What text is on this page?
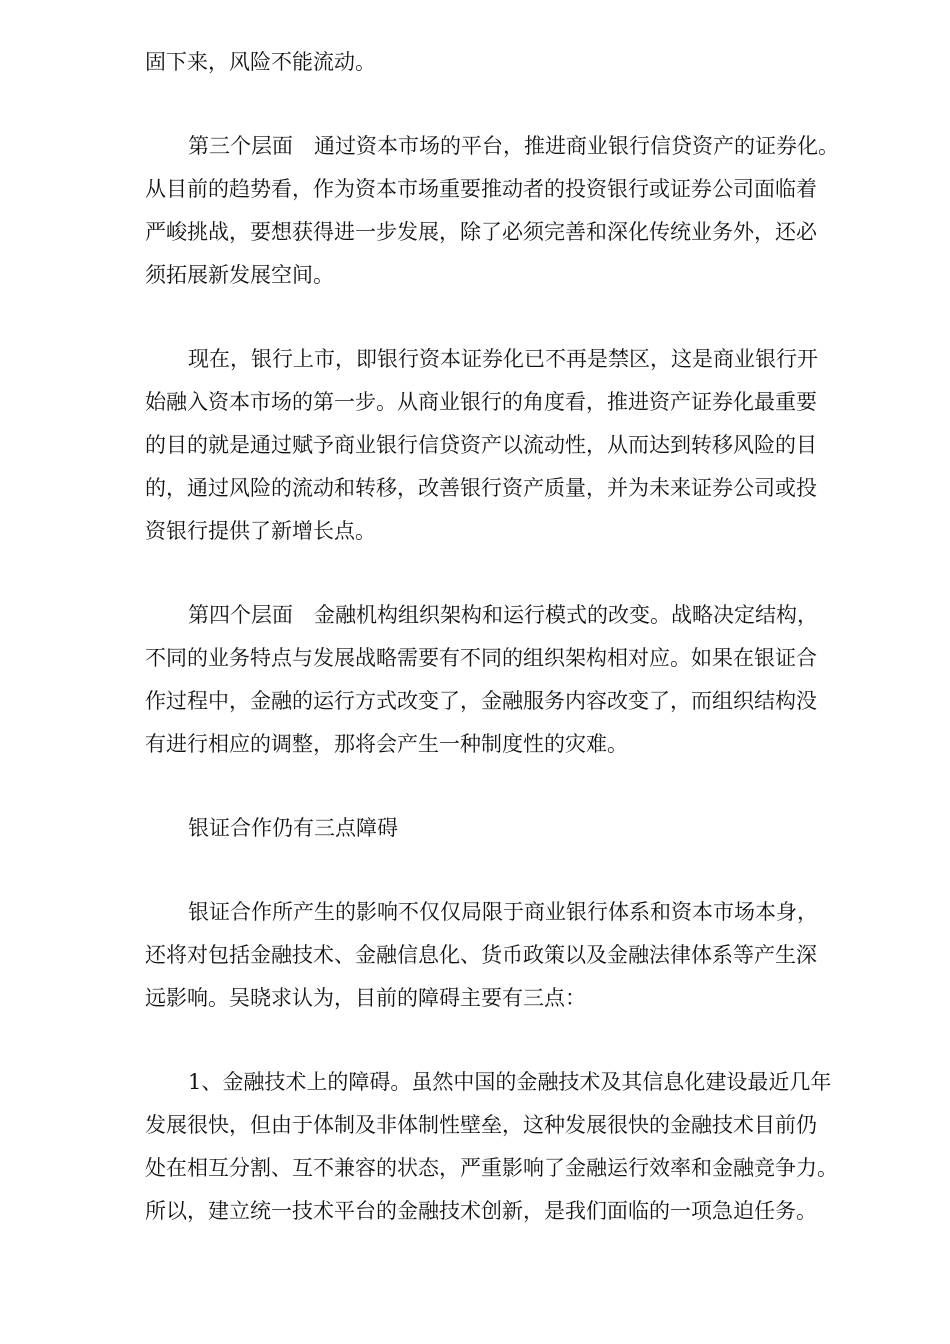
固下来，风险不能流动。
第三个层面　通过资本市场的平台，推进商业银行信贷资产的证券化。
从目前的趋势看，作为资本市场重要推动者的投资银行或证券公司面临着
严峻挑战，要想获得进一步发展，除了必须完善和深化传统业务外，还必
须拓展新发展空间。
现在，银行上市，即银行资本证券化已不再是禁区，这是商业银行开
始融入资本市场的第一步。从商业银行的角度看，推进资产证券化最重要
的目的就是通过赋予商业银行信贷资产以流动性，从而达到转移风险的目
的，通过风险的流动和转移，改善银行资产质量，并为未来证券公司或投
资银行提供了新增长点。
第四个层面　金融机构组织架构和运行模式的改变。战略决定结构，
不同的业务特点与发展战略需要有不同的组织架构相对应。如果在银证合
作过程中，金融的运行方式改变了，金融服务内容改变了，而组织结构没
有进行相应的调整，那将会产生一种制度性的灾难。
银证合作仍有三点障碍
银证合作所产生的影响不仅仅局限于商业银行体系和资本市场本身，
还将对包括金融技术、金融信息化、货币政策以及金融法律体系等产生深
远影响。吴晓求认为，目前的障碍主要有三点：
1、金融技术上的障碍。虽然中国的金融技术及其信息化建设最近几年
发展很快，但由于体制及非体制性壁垒，这种发展很快的金融技术目前仍
处在相互分割、互不兼容的状态，严重影响了金融运行效率和金融竞争力。
所以，建立统一技术平台的金融技术创新，是我们面临的一项急迫任务。
